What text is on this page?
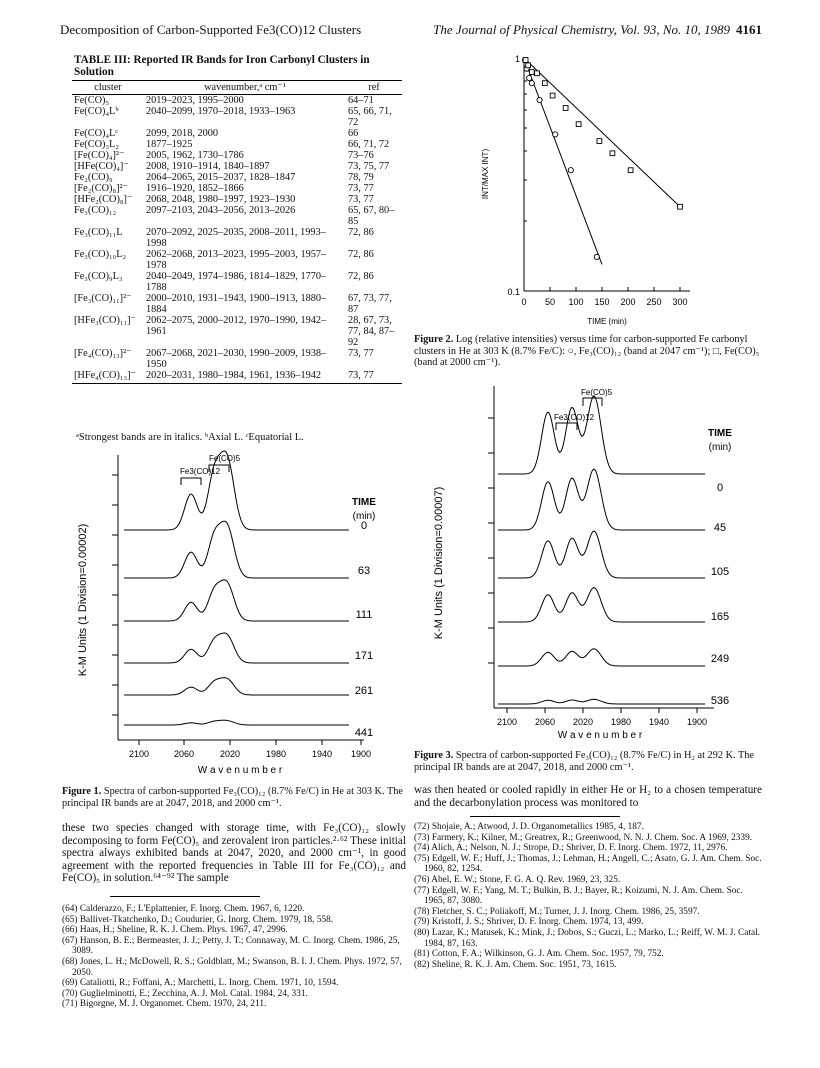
Decomposition of Carbon-Supported Fe3(CO)12 Clusters	The Journal of Physical Chemistry, Vol. 93, No. 10, 1989 4161
TABLE III: Reported IR Bands for Iron Carbonyl Clusters in Solution
cluster	wavenumber,ᵃ cm⁻¹	ref
Fe(CO)₅	2019–2023, 1995–2000	64–71
Fe(CO)₄Lᵇ	2040–2099, 1970–2018, 1933–1963	65, 66, 71, 72
Fe(CO)₄Lᶜ	2099, 2018, 2000	66
Fe(CO)₃L₂	1877–1925	66, 71, 72
[Fe(CO)₄]²⁻	2005, 1962, 1730–1786	73–76
[HFe(CO)₄]⁻	2008, 1910–1914, 1840–1897	73, 75, 77
Fe₂(CO)₉	2064–2065, 2015–2037, 1828–1847	78, 79
[Fe₂(CO)₈]²⁻	1916–1920, 1852–1866	73, 77
[HFe₂(CO)₈]⁻	2068, 2048, 1980–1997, 1923–1930	73, 77
Fe₃(CO)₁₂	2097–2103, 2043–2056, 2013–2026	65, 67, 80–85
Fe₃(CO)₁₁L	2070–2092, 2025–2035, 2008–2011, 1993–1998	72, 86
Fe₃(CO)₁₀L₂	2062–2068, 2013–2023, 1995–2003, 1957–1978	72, 86
Fe₃(CO)₉L₃	2040–2049, 1974–1986, 1814–1829, 1770–1788	72, 86
[Fe₃(CO)₁₁]²⁻	2000–2010, 1931–1943, 1900–1913, 1880–1884	67, 73, 77, 87
[HFe₃(CO)₁₁]⁻	2062–2075, 2000–2012, 1970–1990, 1942–1961	28, 67, 73, 77, 84, 87–92
[Fe₄(CO)₁₃]²⁻	2067–2068, 2021–2030, 1990–2009, 1938–1950	73, 77
[HFe₄(CO)₁₃]⁻	2020–2031, 1980–1984, 1961, 1936–1942	73, 77
ᵃStrongest bands are in italics. ᵇAxial L. ᶜEquatorial L.
Fe3(CO)12
Fe(CO)5
TIME
(min)
0
63
111
171
261
441
2100	2060	2020	1980	1940 1900
K-M Units (1 Division=0.00002)
W a v e n u m b e r
Figure 1. Spectra of carbon-supported Fe₃(CO)₁₂ (8.7% Fe/C) in He at 303 K. The principal IR bands are at 2047, 2018, and 2000 cm⁻¹.
these two species changed with storage time, with Fe₃(CO)₁₂ slowly decomposing to form Fe(CO)₅ and zerovalent iron particles.²·⁶² These initial spectra always exhibited bands at 2047, 2020, and 2000 cm⁻¹, in good agreement with the reported frequencies in Table III for Fe₃(CO)₁₂ and Fe(CO)₅ in solution.⁶⁴⁻⁹² The sample

(64) Calderazzo, F.; L'Eplattenier, F. Inorg. Chem. 1967, 6, 1220.

(65) Ballivet-Tkatchenko, D.; Coudurier, G. Inorg. Chem. 1979, 18, 558.

(66) Haas, H.; Sheline, R. K. J. Chem. Phys. 1967, 47, 2996.

(67) Hanson, B. E.; Bermeaster, J. J.; Petty, J. T.; Connaway, M. C. Inorg. Chem. 1986, 25, 3089.

(68) Jones, L. H.; McDowell, R. S.; Goldblatt, M.; Swanson, B. I. J. Chem. Phys. 1972, 57, 2050.

(69) Cataliotti, R.; Foffani, A.; Marchetti, L. Inorg. Chem. 1971, 10, 1594.

(70) Guglielminotti, E.; Zecchina, A. J. Mol. Catal. 1984, 24, 331.

(71) Bigorgne, M. J. Organomet. Chem. 1970, 24, 211.

1
0.1
0 50 100 150 200 250 300
INT/MAX INT)
TIME (min)
Figure 2. Log (relative intensities) versus time for carbon-supported Fe carbonyl clusters in He at 303 K (8.7% Fe/C): ○, Fe₃(CO)₁₂ (band at 2047 cm⁻¹); □, Fe(CO)₅ (band at 2000 cm⁻¹).
Fe3(CO)12
Fe(CO)5
TIME
(min)
0
45
105
165
249
536
2100 2060 2020 1980 1940 1900
K-M Units (1 Division=0.00007)
W a v e n u m b e r
Figure 3. Spectra of carbon-supported Fe₃(CO)₁₂ (8.7% Fe/C) in H₂ at 292 K. The principal IR bands are at 2047, 2018, and 2000 cm⁻¹.
was then heated or cooled rapidly in either He or H₂ to a chosen temperature and the decarbonylation process was monitored to

(72) Shojaie, A.; Atwood, J. D. Organometallics 1985, 4, 187.

(73) Farmery, K.; Kilner, M.; Greatrex, R.; Greenwood, N. N. J. Chem. Soc. A 1969, 2339.

(74) Alich, A.; Nelson, N. J.; Strope, D.; Shriver, D. F. Inorg. Chem. 1972, 11, 2976.

(75) Edgell, W. F.; Huff, J.; Thomas, J.; Lehman, H.; Angell, C.; Asato, G. J. Am. Chem. Soc. 1960, 82, 1254.

(76) Abel, E. W.; Stone, F. G. A. Q. Rev. 1969, 23, 325.

(77) Edgell, W. F.; Yang, M. T.; Bulkin, B. J.; Bayer, R.; Koizumi, N. J. Am. Chem. Soc. 1965, 87, 3080.

(78) Fletcher, S. C.; Poliakoff, M.; Turner, J. J. Inorg. Chem. 1986, 25, 3597.

(79) Kristoff, J. S.; Shriver, D. F. Inorg. Chem. 1974, 13, 499.

(80) Lazar, K.; Matusek, K.; Mink, J.; Dobos, S.; Guczi, L.; Marko, L.; Reiff, W. M. J. Catal. 1984, 87, 163.

(81) Cotton, F. A.; Wilkinson, G. J. Am. Chem. Soc. 1957, 79, 752.

(82) Sheline, R. K. J. Am. Chem. Soc. 1951, 73, 1615.
